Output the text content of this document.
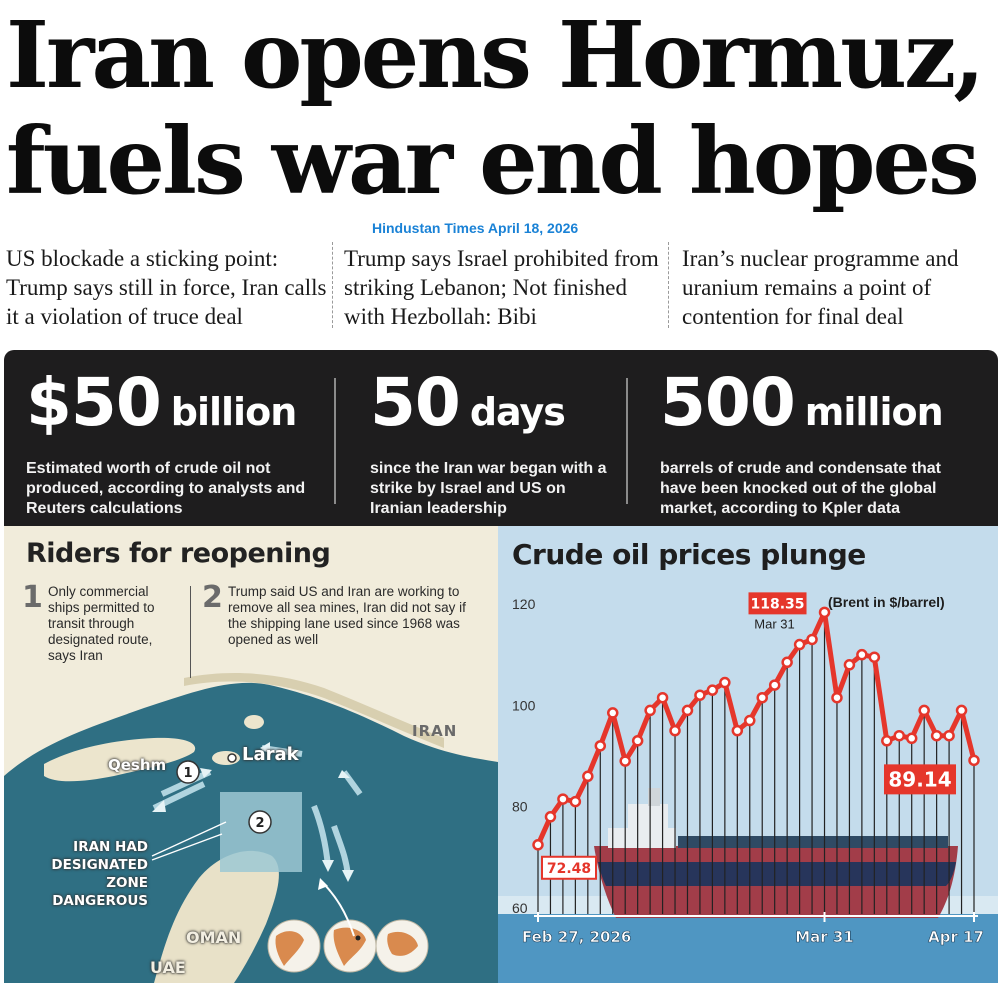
Iran opens Hormuz,
fuels war end hopes
Hindustan Times April 18, 2026
US blockade a sticking point: Trump says still in force, Iran calls it a violation of truce deal
Trump says Israel prohibited from striking Lebanon; Not finished with Hezbollah: Bibi
Iran’s nuclear programme and uranium remains a point of contention for final deal
$50 billion
Estimated worth of crude oil not produced, according to analysts and Reuters calculations
50 days
since the Iran war began with a strike by Israel and US on Iranian leadership
500 million
barrels of crude and condensate that have been knocked out of the global market, according to Kpler data
1
2
Riders for reopening
1 Only commercial ships permitted to transit through designated route, says Iran
2 Trump said US and Iran are working to remove all sea mines, Iran did not say if the shipping lane used since 1968 was opened as well
IRAN
Qeshm	Larak
IRAN HAD DESIGNATED ZONE DANGEROUS
OMAN
UAE
60
80
100
120
Feb 27, 2026	Mar 31	Apr 17
118.35
Mar 31
72.48
89.14
Crude oil prices plunge
(Brent in $/barrel)
